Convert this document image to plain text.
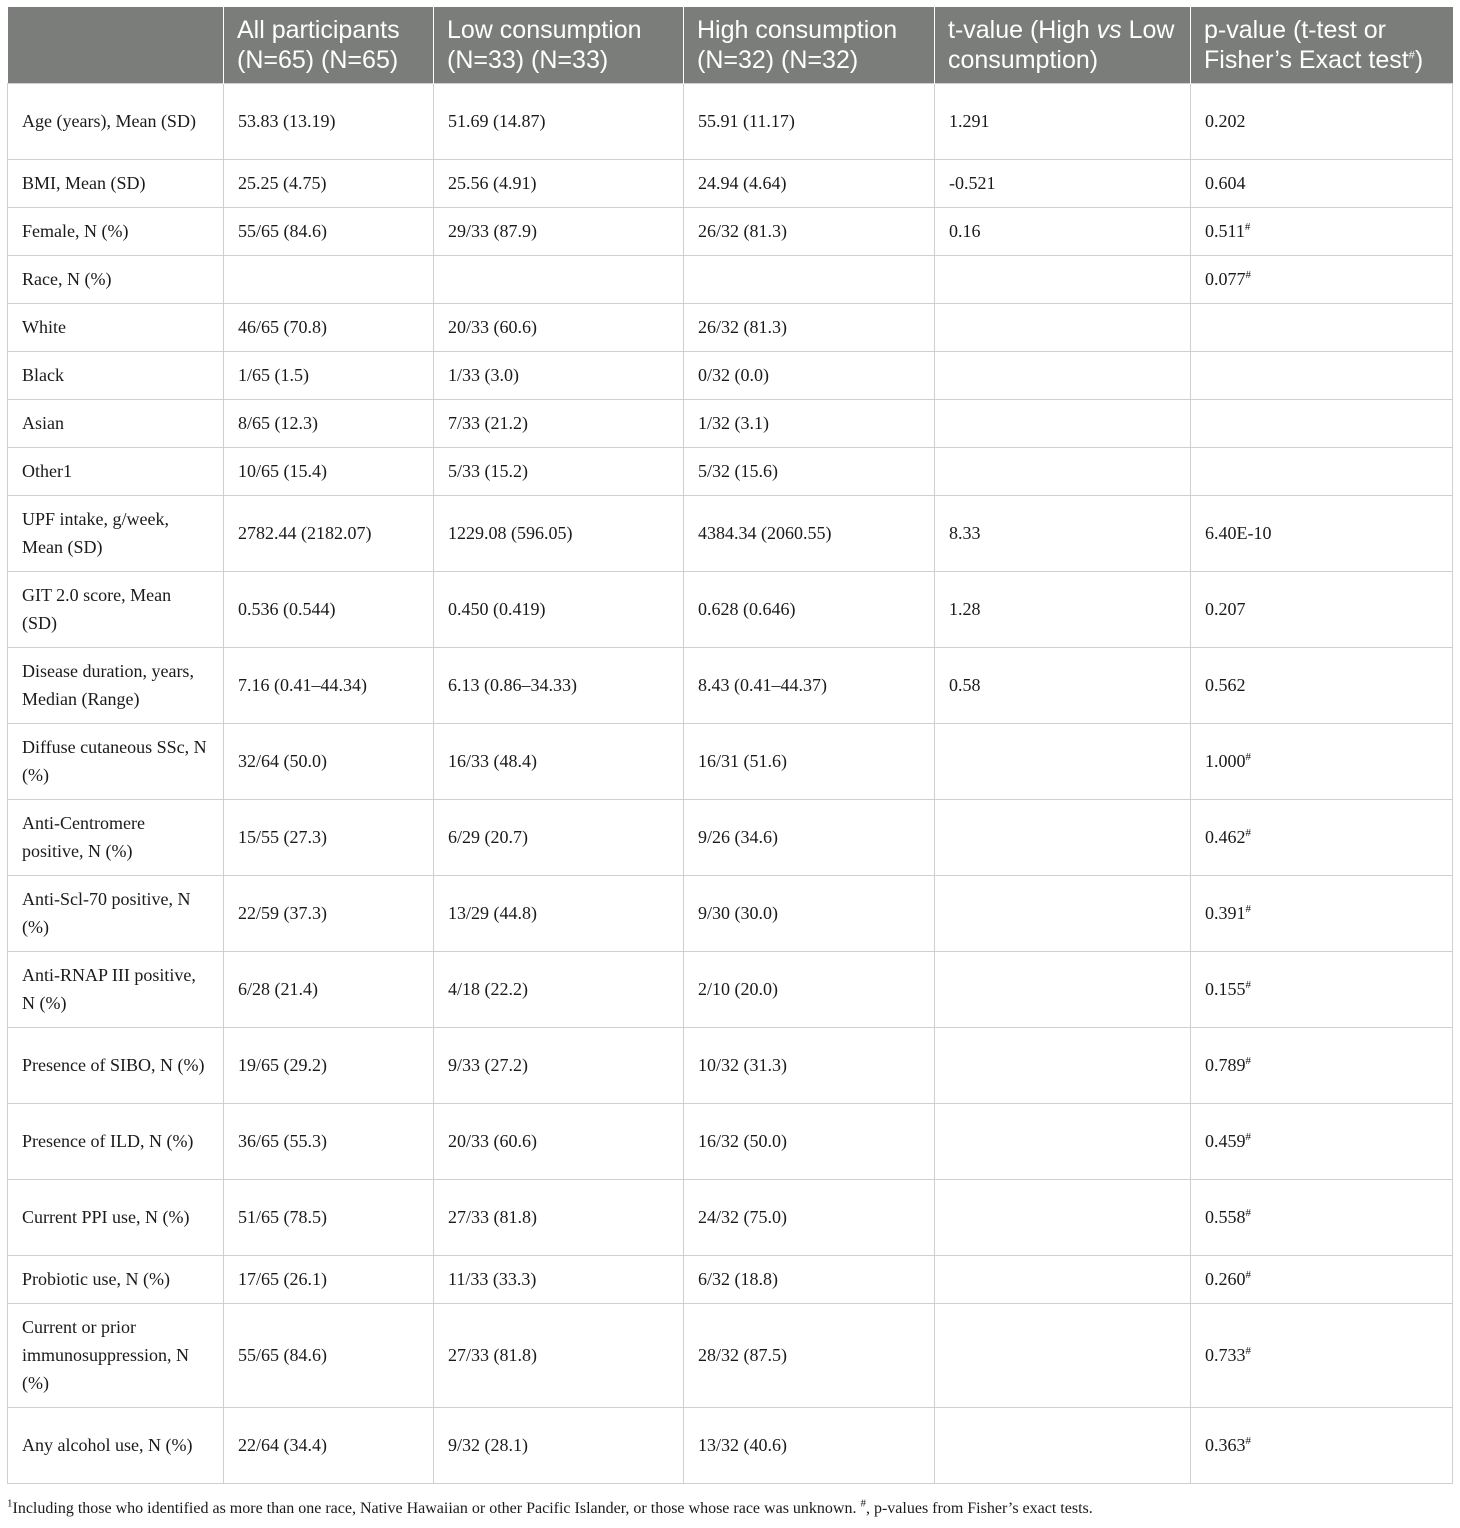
	All participants (N=65) (N=65)	Low consumption (N=33) (N=33)	High consumption (N=32) (N=32)	t-value (High vs Low consumption)	p-value (t-test or Fisher’s Exact test#)
Age (years), Mean (SD)	53.83 (13.19)	51.69 (14.87)	55.91 (11.17)	1.291	0.202
BMI, Mean (SD)	25.25 (4.75)	25.56 (4.91)	24.94 (4.64)	-0.521	0.604
Female, N (%)	55/65 (84.6)	29/33 (87.9)	26/32 (81.3)	0.16	0.511#
Race, N (%)					0.077#
White	46/65 (70.8)	20/33 (60.6)	26/32 (81.3)		
Black	1/65 (1.5)	1/33 (3.0)	0/32 (0.0)		
Asian	8/65 (12.3)	7/33 (21.2)	1/32 (3.1)		
Other1	10/65 (15.4)	5/33 (15.2)	5/32 (15.6)		
UPF intake, g/week, Mean (SD)	2782.44 (2182.07)	1229.08 (596.05)	4384.34 (2060.55)	8.33	6.40E-10
GIT 2.0 score, Mean (SD)	0.536 (0.544)	0.450 (0.419)	0.628 (0.646)	1.28	0.207
Disease duration, years, Median (Range)	7.16 (0.41–44.34)	6.13 (0.86–34.33)	8.43 (0.41–44.37)	0.58	0.562
Diffuse cutaneous SSc, N (%)	32/64 (50.0)	16/33 (48.4)	16/31 (51.6)		1.000#
Anti-Centromere positive, N (%)	15/55 (27.3)	6/29 (20.7)	9/26 (34.6)		0.462#
Anti-Scl-70 positive, N (%)	22/59 (37.3)	13/29 (44.8)	9/30 (30.0)		0.391#
Anti-RNAP III positive, N (%)	6/28 (21.4)	4/18 (22.2)	2/10 (20.0)		0.155#
Presence of SIBO, N (%)	19/65 (29.2)	9/33 (27.2)	10/32 (31.3)		0.789#
Presence of ILD, N (%)	36/65 (55.3)	20/33 (60.6)	16/32 (50.0)		0.459#
Current PPI use, N (%)	51/65 (78.5)	27/33 (81.8)	24/32 (75.0)		0.558#
Probiotic use, N (%)	17/65 (26.1)	11/33 (33.3)	6/32 (18.8)		0.260#
Current or prior immunosuppression, N (%)	55/65 (84.6)	27/33 (81.8)	28/32 (87.5)		0.733#
Any alcohol use, N (%)	22/64 (34.4)	9/32 (28.1)	13/32 (40.6)		0.363#
$^1$Including those who identified as more than one race, Native Hawaiian or other Pacific Islander, or those whose race was unknown. #, p-values from Fisher’s exact tests.
